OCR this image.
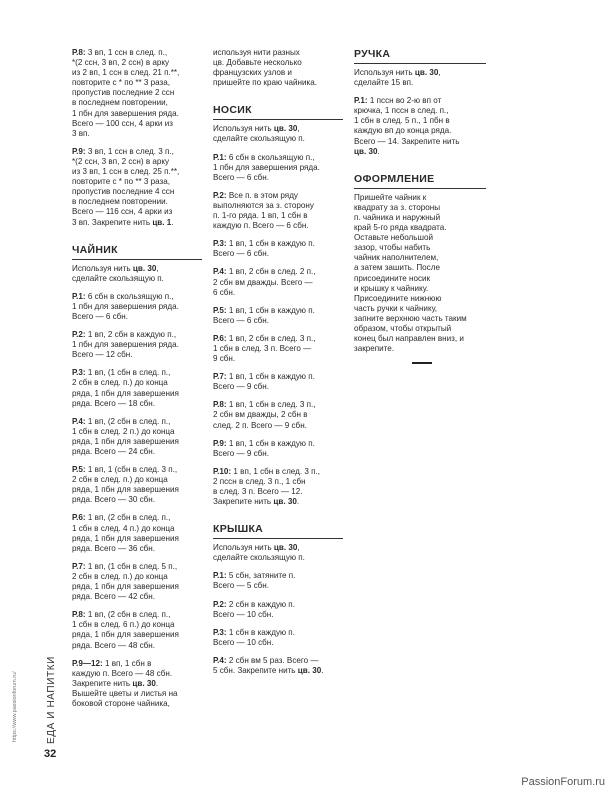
Р.8: 3 вп, 1 ссн в след. п.,
*(2 ссн, 3 вп, 2 ссн) в арку
из 2 вп, 1 ссн в след. 21 п.**,
повторите с * по ** 3 раза,
пропустив последние 2 ссн
в последнем повторении,
1 пбн для завершения ряда.
Всего — 100 ссн, 4 арки из
3 вп.

Р.9: 3 вп, 1 ссн в след. 3 п.,
*(2 ссн, 3 вп, 2 ссн) в арку
из 3 вп, 1 ссн в след. 25 п.**,
повторите с * по ** 3 раза,
пропустив последние 4 ссн
в последнем повторении.
Всего — 116 ссн, 4 арки из
3 вп. Закрепите нить цв. 1.

ЧАЙНИК

Используя нить цв. 30,
сделайте скользящую п.

Р.1: 6 сбн в скользящую п.,
1 пбн для завершения ряда.
Всего — 6 сбн.

Р.2: 1 вп, 2 сбн в каждую п.,
1 пбн для завершения ряда.
Всего — 12 сбн.

Р.3: 1 вп, (1 сбн в след. п.,
2 сбн в след. п.) до конца
ряда, 1 пбн для завершения
ряда. Всего — 18 сбн.

Р.4: 1 вп, (2 сбн в след. п.,
1 сбн в след. 2 п.) до конца
ряда, 1 пбн для завершения
ряда. Всего — 24 сбн.

Р.5: 1 вп, 1 (сбн в след. 3 п.,
2 сбн в след. п.) до конца
ряда, 1 пбн для завершения
ряда. Всего — 30 сбн.

Р.6: 1 вп, (2 сбн в след. п.,
1 сбн в след. 4 п.) до конца
ряда, 1 пбн для завершения
ряда. Всего — 36 сбн.

Р.7: 1 вп, (1 сбн в след. 5 п.,
2 сбн в след. п.) до конца
ряда, 1 пбн для завершения
ряда. Всего — 42 сбн.

Р.8: 1 вп, (2 сбн в след. п.,
1 сбн в след. 6 п.) до конца
ряда, 1 пбн для завершения
ряда. Всего — 48 сбн.

Р.9—12: 1 вп, 1 сбн в
каждую п. Всего — 48 сбн.
Закрепите нить цв. 30.
Вышейте цветы и листья на
боковой стороне чайника,

используя нити разных
цв. Добавьте несколько
французских узлов и
пришейте по краю чайника.

НОСИК

Используя нить цв. 30,
сделайте скользящую п.

Р.1: 6 сбн в скользящую п.,
1 пбн для завершения ряда.
Всего — 6 сбн.

Р.2: Все п. в этом ряду
выполняются за з. сторону
п. 1-го ряда. 1 вп, 1 сбн в
каждую п. Всего — 6 сбн.

Р.3: 1 вп, 1 сбн в каждую п.
Всего — 6 сбн.

Р.4: 1 вп, 2 сбн в след. 2 п.,
2 сбн вм дважды. Всего —
6 сбн.

Р.5: 1 вп, 1 сбн в каждую п.
Всего — 6 сбн.

Р.6: 1 вп, 2 сбн в след. 3 п.,
1 сбн в след. 3 п. Всего —
9 сбн.

Р.7: 1 вп, 1 сбн в каждую п.
Всего — 9 сбн.

Р.8: 1 вп, 1 сбн в след. 3 п.,
2 сбн вм дважды, 2 сбн в
след. 2 п. Всего — 9 сбн.

Р.9: 1 вп, 1 сбн в каждую п.
Всего — 9 сбн.

Р.10: 1 вп, 1 сбн в след. 3 п.,
2 пссн в след. 3 п., 1 сбн
в след. 3 п. Всего — 12.
Закрепите нить цв. 30.

КРЫШКА

Используя нить цв. 30,
сделайте скользящую п.

Р.1: 5 сбн, затяните п.
Всего — 5 сбн.

Р.2: 2 сбн в каждую п.
Всего — 10 сбн.

Р.3: 1 сбн в каждую п.
Всего — 10 сбн.

Р.4: 2 сбн вм 5 раз. Всего —
5 сбн. Закрепите нить цв. 30.

РУЧКА

Используя нить цв. 30,
сделайте 15 вп.

Р.1: 1 пссн во 2-ю вп от
крючка, 1 пссн в след. п.,
1 сбн в след. 5 п., 1 пбн в
каждую вп до конца ряда.
Всего — 14. Закрепите нить
цв. 30.

ОФОРМЛЕНИЕ

Пришейте чайник к
квадрату за з. стороны
п. чайника и наружный
край 5-го ряда квадрата.
Оставьте небольшой
зазор, чтобы набить
чайник наполнителем,
а затем зашить. После
присоедините носик
и крышку к чайнику.
Присоедините нижнюю
часть ручки к чайнику,
запните верхнюю часть таким
образом, чтобы открытый
конец был направлен вниз, и
закрепите.

https://www.passionforum.ru/	ЕДА И НАПИТКИ
32
PassionForum.ru
